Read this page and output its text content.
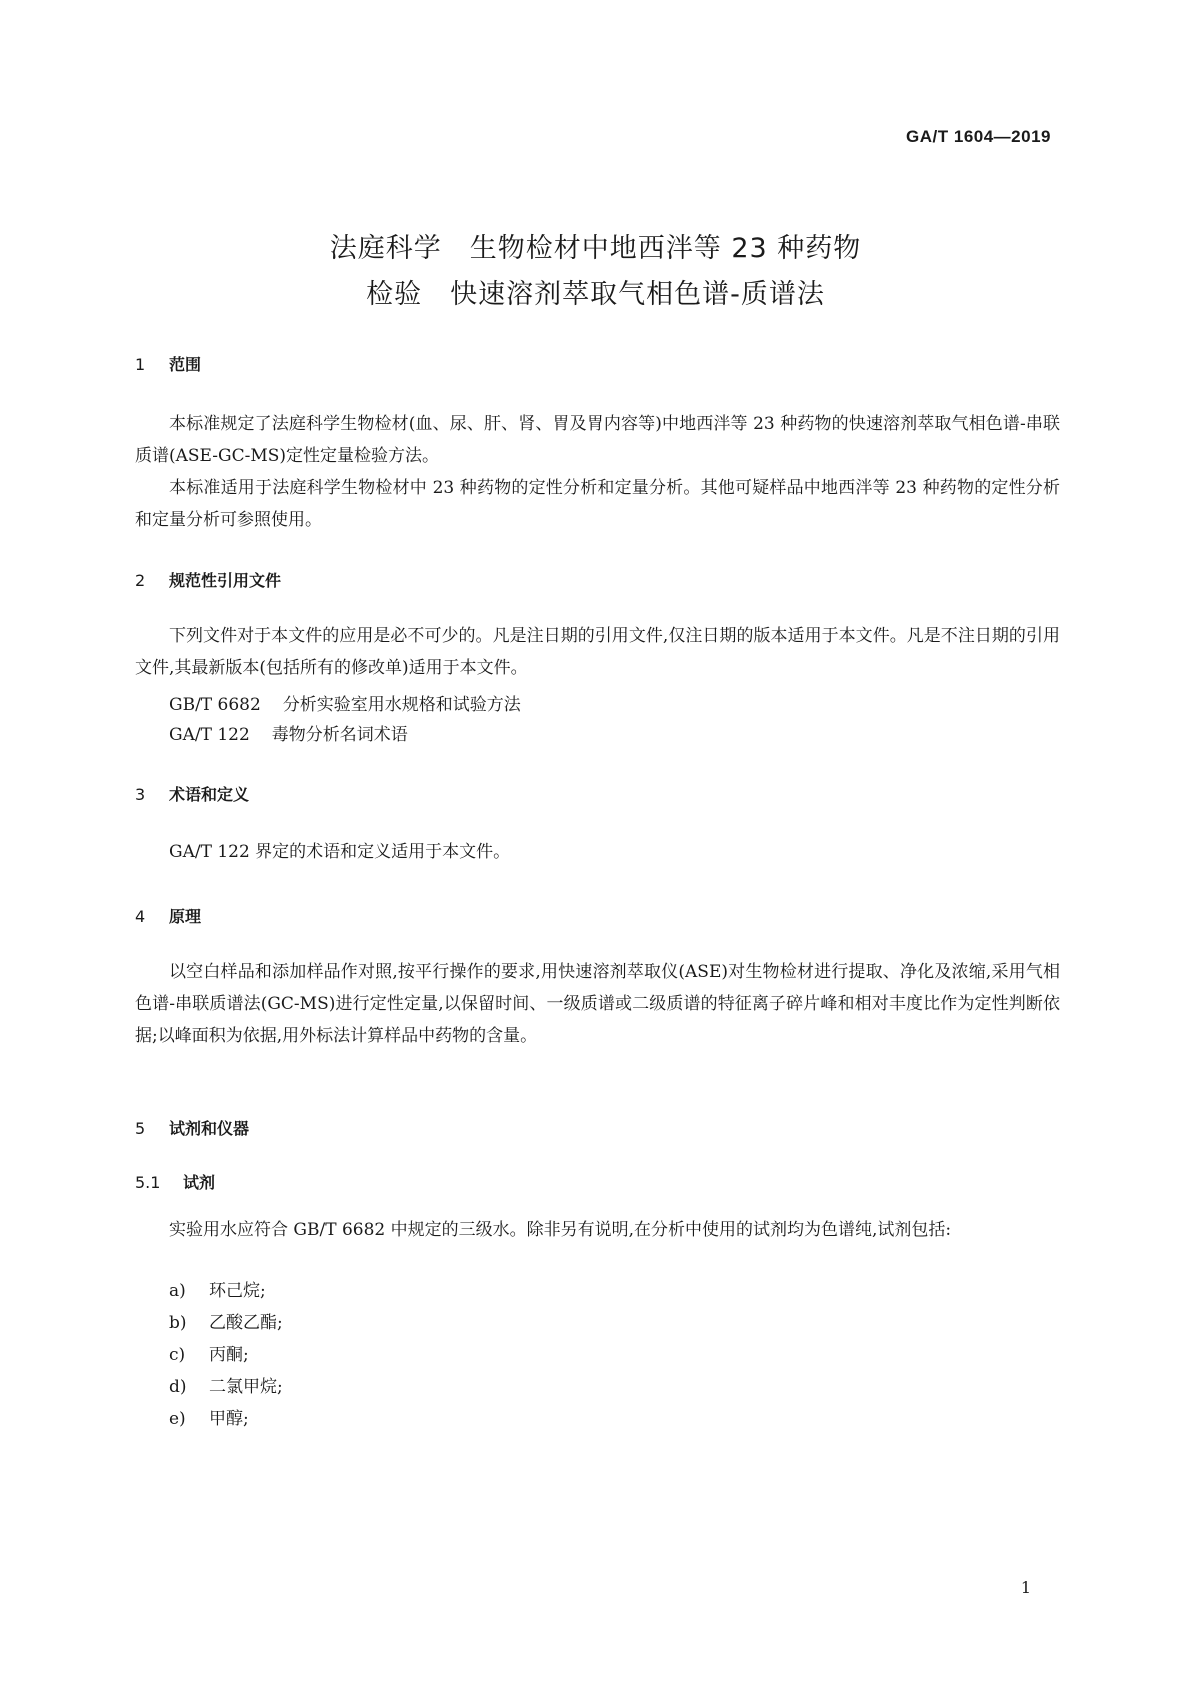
GA/T 1604—2019
法庭科学　生物检材中地西泮等 23 种药物
检验　快速溶剂萃取气相色谱-质谱法
1 范围

本标准规定了法庭科学生物检材(血、尿、肝、肾、胃及胃内容等)中地西泮等 23 种药物的快速溶剂萃取气相色谱-串联质谱(ASE-GC-MS)定性定量检验方法。

本标准适用于法庭科学生物检材中 23 种药物的定性分析和定量分析。其他可疑样品中地西泮等 23 种药物的定性分析和定量分析可参照使用。

2 规范性引用文件

下列文件对于本文件的应用是必不可少的。凡是注日期的引用文件,仅注日期的版本适用于本文件。凡是不注日期的引用文件,其最新版本(包括所有的修改单)适用于本文件。

GB/T 6682 分析实验室用水规格和试验方法
GA/T 122 毒物分析名词术语
3 术语和定义

GA/T 122 界定的术语和定义适用于本文件。

4 原理

以空白样品和添加样品作对照,按平行操作的要求,用快速溶剂萃取仪(ASE)对生物检材进行提取、净化及浓缩,采用气相色谱-串联质谱法(GC-MS)进行定性定量,以保留时间、一级质谱或二级质谱的特征离子碎片峰和相对丰度比作为定性判断依据;以峰面积为依据,用外标法计算样品中药物的含量。

5 试剂和仪器
5.1 试剂

实验用水应符合 GB/T 6682 中规定的三级水。除非另有说明,在分析中使用的试剂均为色谱纯,试剂包括:

a) 环己烷;
b) 乙酸乙酯;
c) 丙酮;
d) 二氯甲烷;
e) 甲醇;
1
